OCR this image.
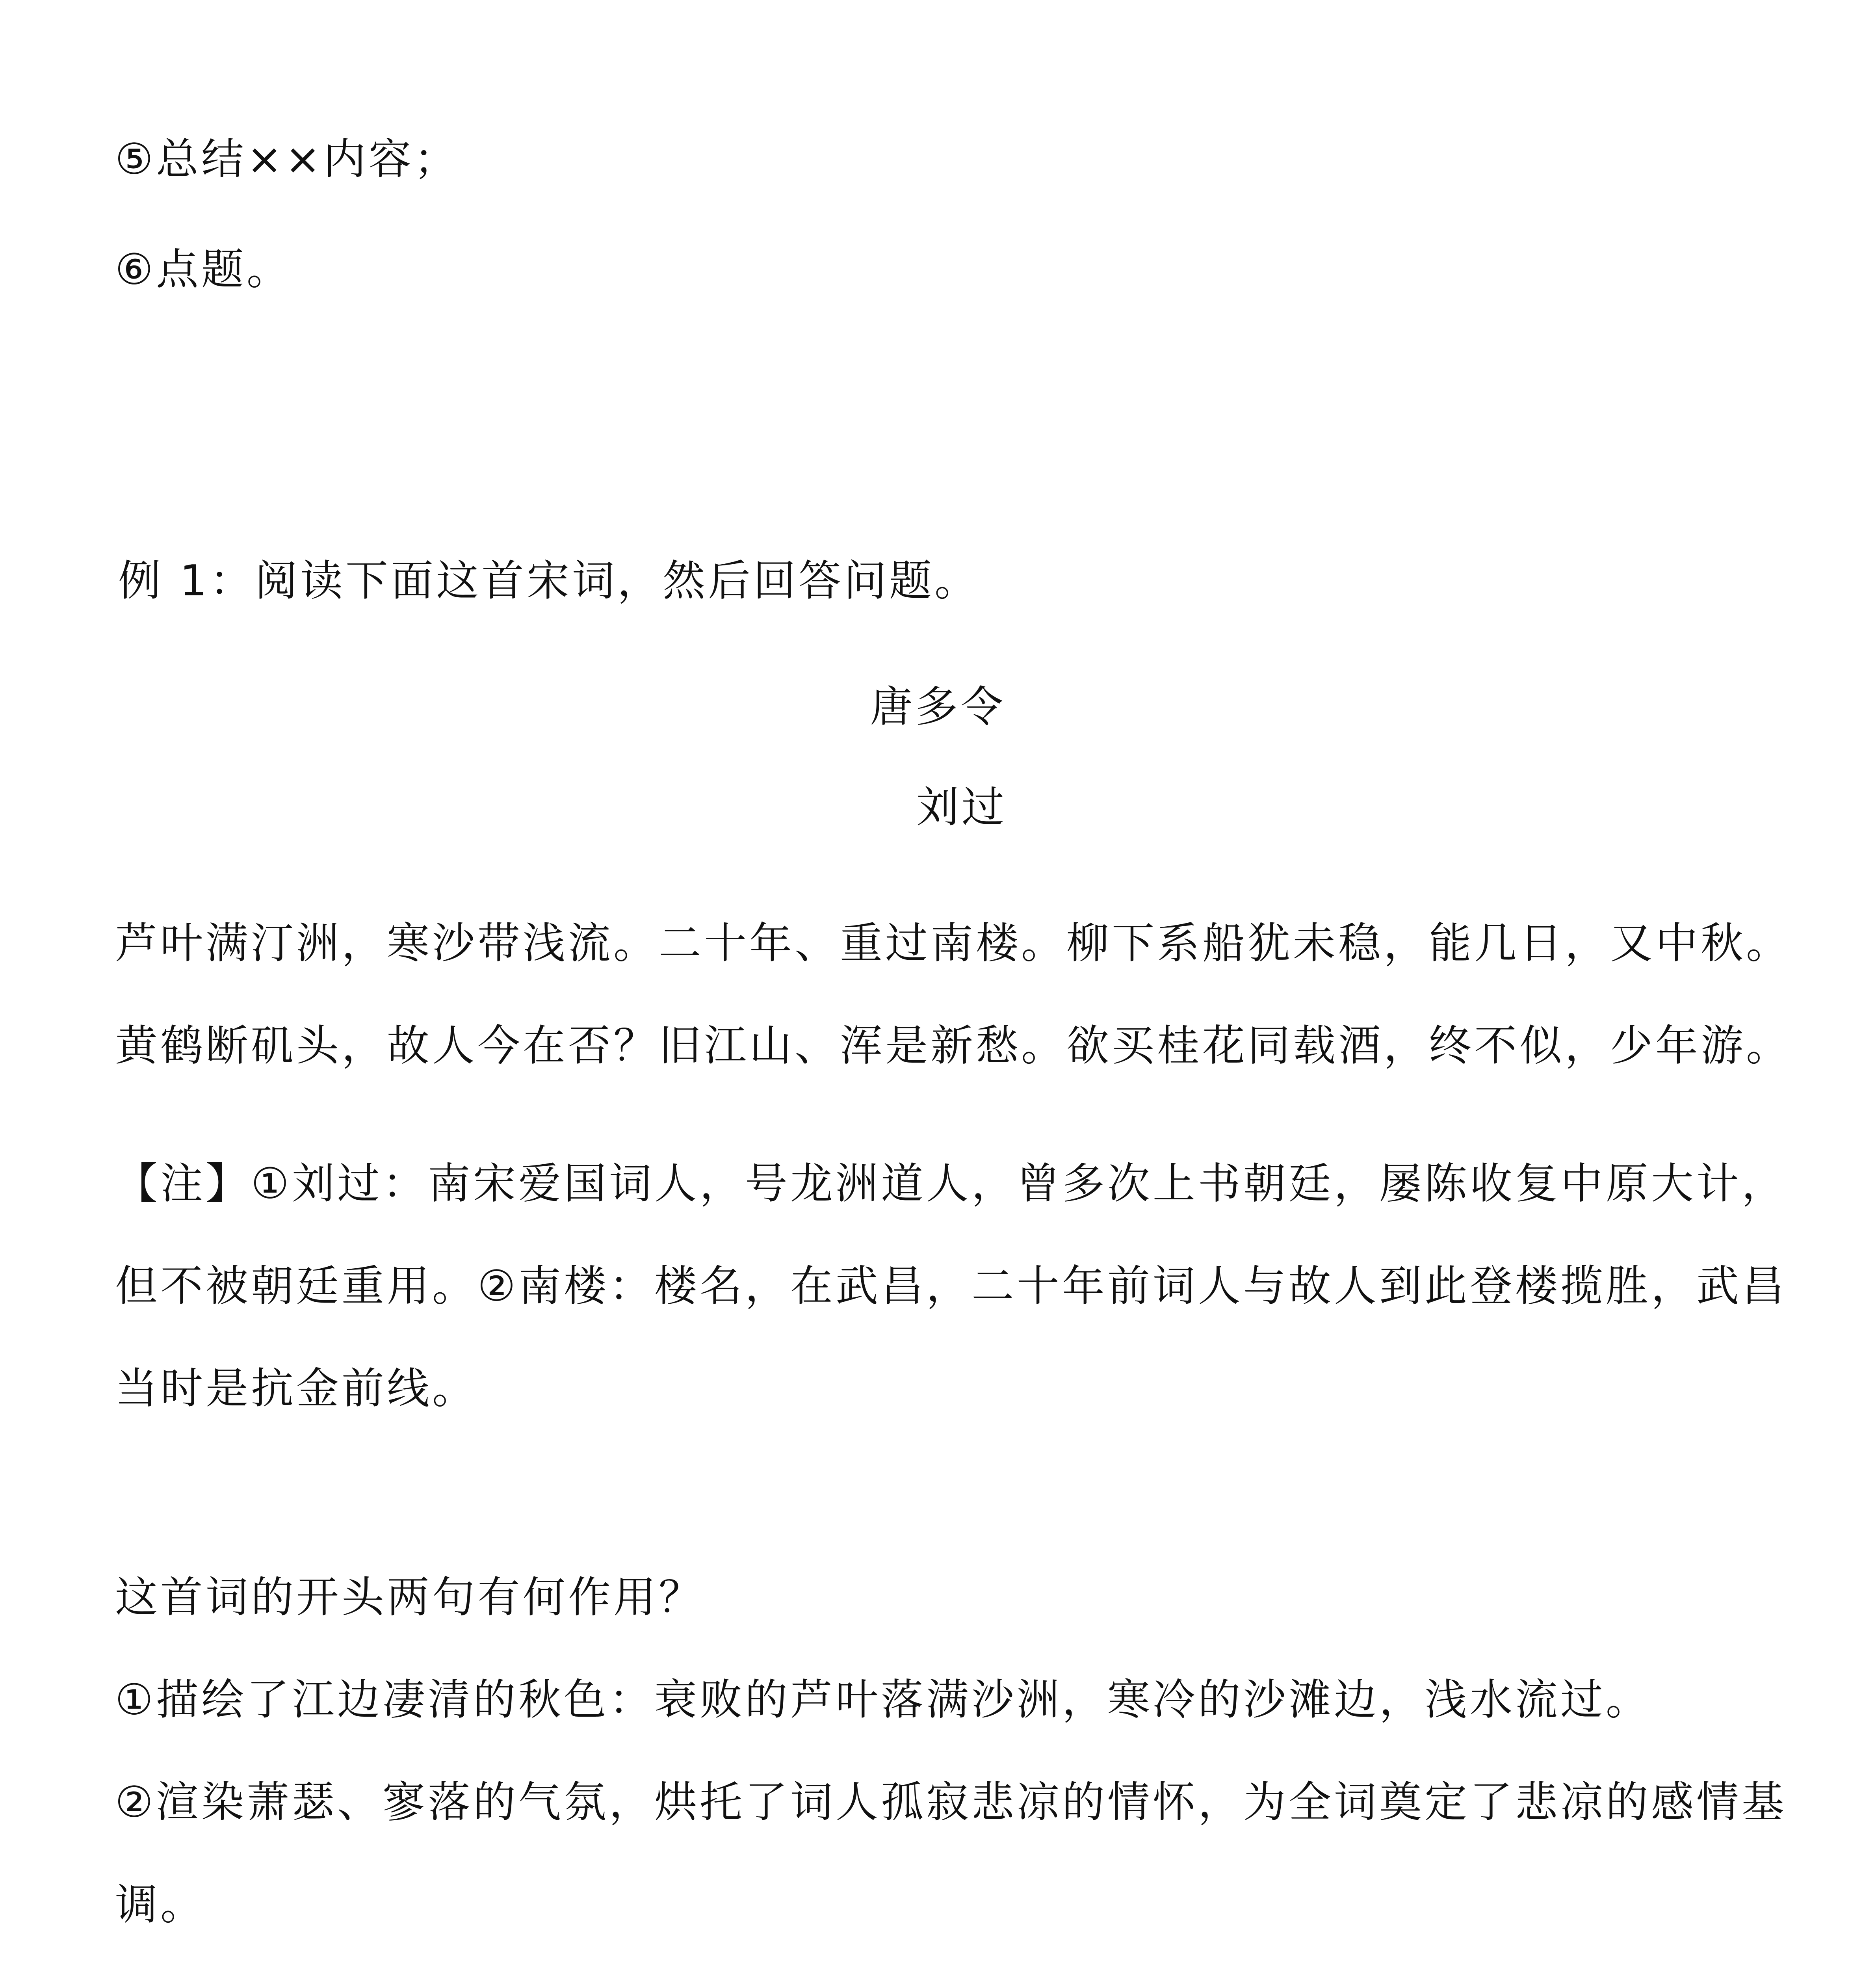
⑤总结××内容；

⑥点题。

例 1：阅读下面这首宋词，然后回答问题。

唐多令

刘过

芦叶满汀洲，寒沙带浅流。二十年、重过南楼。柳下系船犹未稳，能几日，又中秋。

黄鹤断矶头，故人今在否？旧江山、浑是新愁。欲买桂花同载酒，终不似，少年游。

【注】①刘过：南宋爱国词人，号龙洲道人，曾多次上书朝廷，屡陈收复中原大计，

但不被朝廷重用。②南楼：楼名，在武昌，二十年前词人与故人到此登楼揽胜，武昌

当时是抗金前线。

这首词的开头两句有何作用？

①描绘了江边凄清的秋色：衰败的芦叶落满沙洲，寒冷的沙滩边，浅水流过。

②渲染萧瑟、寥落的气氛，烘托了词人孤寂悲凉的情怀，为全词奠定了悲凉的感情基

调。
